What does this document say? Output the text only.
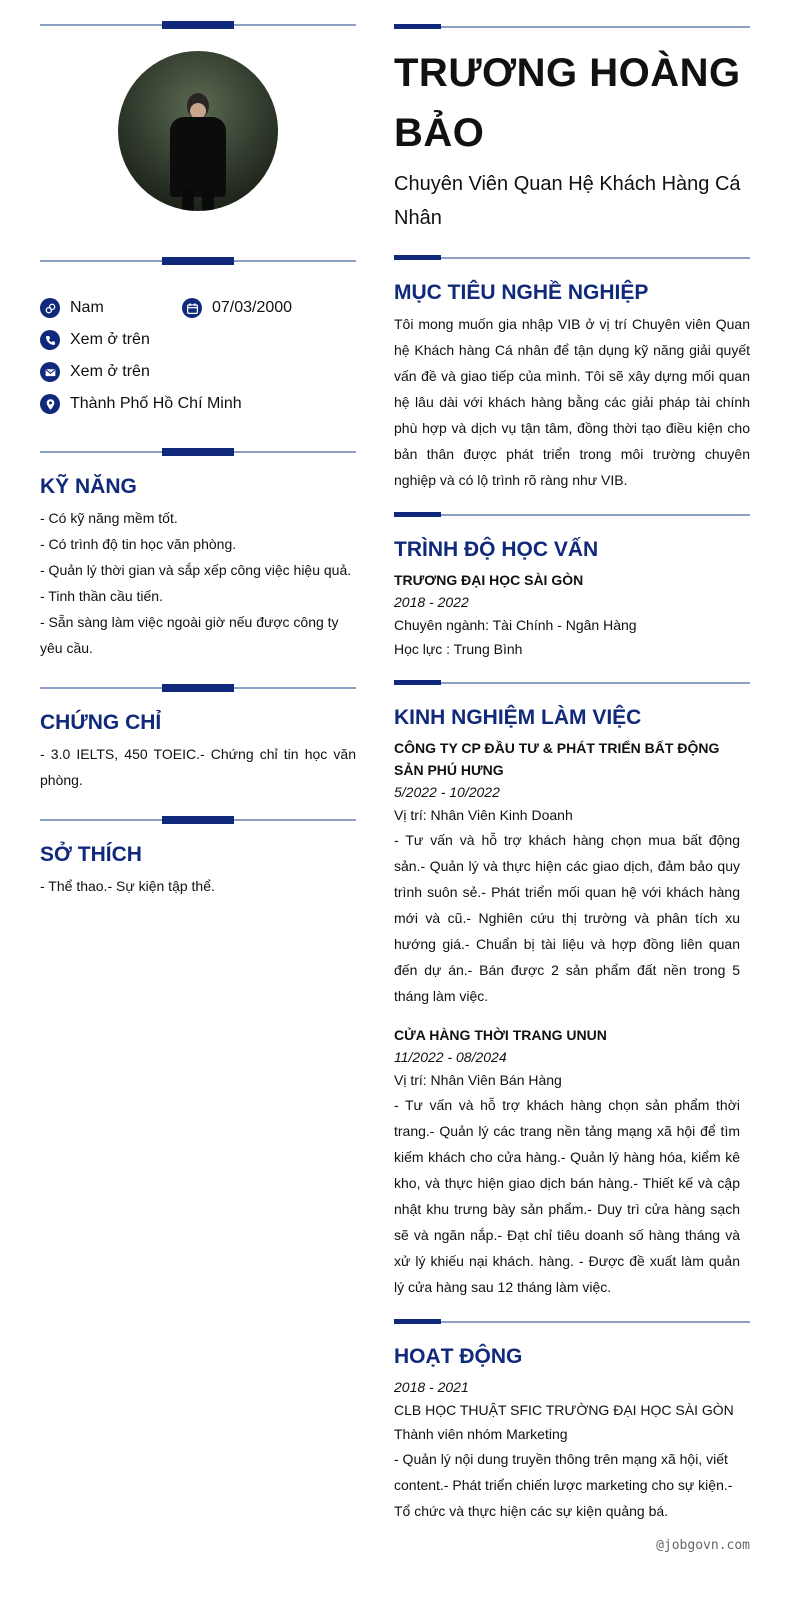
Nam	07/03/2000
Xem ở trên
Xem ở trên
Thành Phố Hồ Chí Minh
KỸ NĂNG
- Có kỹ năng mềm tốt.
- Có trình độ tin học văn phòng.
- Quản lý thời gian và sắp xếp công việc hiệu quả.
- Tinh thần cầu tiến.
- Sẵn sàng làm việc ngoài giờ nếu được công ty yêu cầu.
CHỨNG CHỈ
- 3.0 IELTS, 450 TOEIC.- Chứng chỉ tin học văn phòng.
SỞ THÍCH
- Thể thao.- Sự kiện tập thể.
TRƯƠNG HOÀNG BẢO
Chuyên Viên Quan Hệ Khách Hàng Cá Nhân
MỤC TIÊU NGHỀ NGHIỆP
Tôi mong muốn gia nhập VIB ở vị trí Chuyên viên Quan hệ Khách hàng Cá nhân để tận dụng kỹ năng giải quyết vấn đề và giao tiếp của mình. Tôi sẽ xây dựng mối quan hệ lâu dài với khách hàng bằng các giải pháp tài chính phù hợp và dịch vụ tận tâm, đồng thời tạo điều kiện cho bản thân được phát triển trong môi trường chuyên nghiệp và có lộ trình rõ ràng như VIB.
TRÌNH ĐỘ HỌC VẤN
TRƯƠNG ĐẠI HỌC SÀI GÒN
2018 - 2022
Chuyên ngành: Tài Chính - Ngân Hàng
Học lực : Trung Bình
KINH NGHIỆM LÀM VIỆC
CÔNG TY CP ĐẦU TƯ & PHÁT TRIỂN BẤT ĐỘNG SẢN PHÚ HƯNG
5/2022 - 10/2022
Vị trí: Nhân Viên Kinh Doanh
- Tư vấn và hỗ trợ khách hàng chọn mua bất động sản.- Quản lý và thực hiện các giao dịch, đảm bảo quy trình suôn sẻ.- Phát triển mối quan hệ với khách hàng mới và cũ.- Nghiên cứu thị trường và phân tích xu hướng giá.- Chuẩn bị tài liệu và hợp đồng liên quan đến dự án.- Bán được 2 sản phẩm đất nền trong 5 tháng làm việc.
CỬA HÀNG THỜI TRANG UNUN
11/2022 - 08/2024
Vị trí: Nhân Viên Bán Hàng
- Tư vấn và hỗ trợ khách hàng chọn sản phẩm thời trang.- Quản lý các trang nền tảng mạng xã hội để tìm kiếm khách cho cửa hàng.- Quản lý hàng hóa, kiểm kê kho, và thực hiện giao dịch bán hàng.- Thiết kế và cập nhật khu trưng bày sản phẩm.- Duy trì cửa hàng sạch sẽ và ngăn nắp.- Đạt chỉ tiêu doanh số hàng tháng và xử lý khiếu nại khách. hàng. - Được đề xuất làm quản lý cửa hàng sau 12 tháng làm việc.
HOẠT ĐỘNG
2018 - 2021
CLB HỌC THUẬT SFIC TRƯỜNG ĐẠI HỌC SÀI GÒN
Thành viên nhóm Marketing
- Quản lý nội dung truyền thông trên mạng xã hội, viết content.- Phát triển chiến lược marketing cho sự kiện.- Tổ chức và thực hiện các sự kiện quảng bá.
@jobgovn.com
